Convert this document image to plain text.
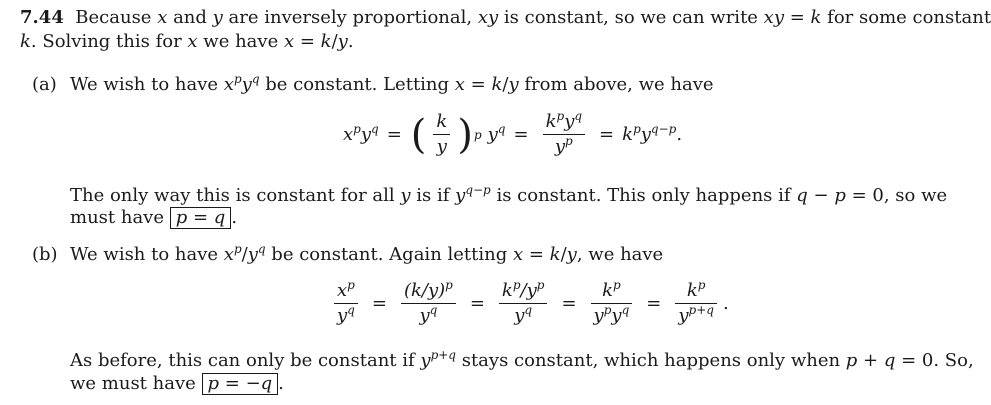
7.44  Because x and y are inversely proportional, xy is constant, so we can write xy = k for some constant
k. Solving this for x we have x = k/y.
(a) We wish to have $x^py^q$ be constant. Letting x = k/y from above, we have
$x^py^q$ = ( $\frac{k}{y}$ ) p $y^q = \frac{k^py^q}{y^p} = k^py^{q-p}$ .
The only way this is constant for all y is if $y^{q-p}$ is constant. This only happens if q − p = 0, so we
must have p = q .
(b) We wish to have $x^p/y^q$ be constant. Again letting x = k/y, we have
$\frac{x^p}{y^q} = \frac{(k/y)^p}{y^q} = \frac{k^p/y^p}{y^q} = \frac{k^p}{y^py^q} = \frac{k^p}{y^{p+q}}$ .
As before, this can only be constant if $y^{p+q}$ stays constant, which happens only when p + q = 0. So,
we must have p = −q .
